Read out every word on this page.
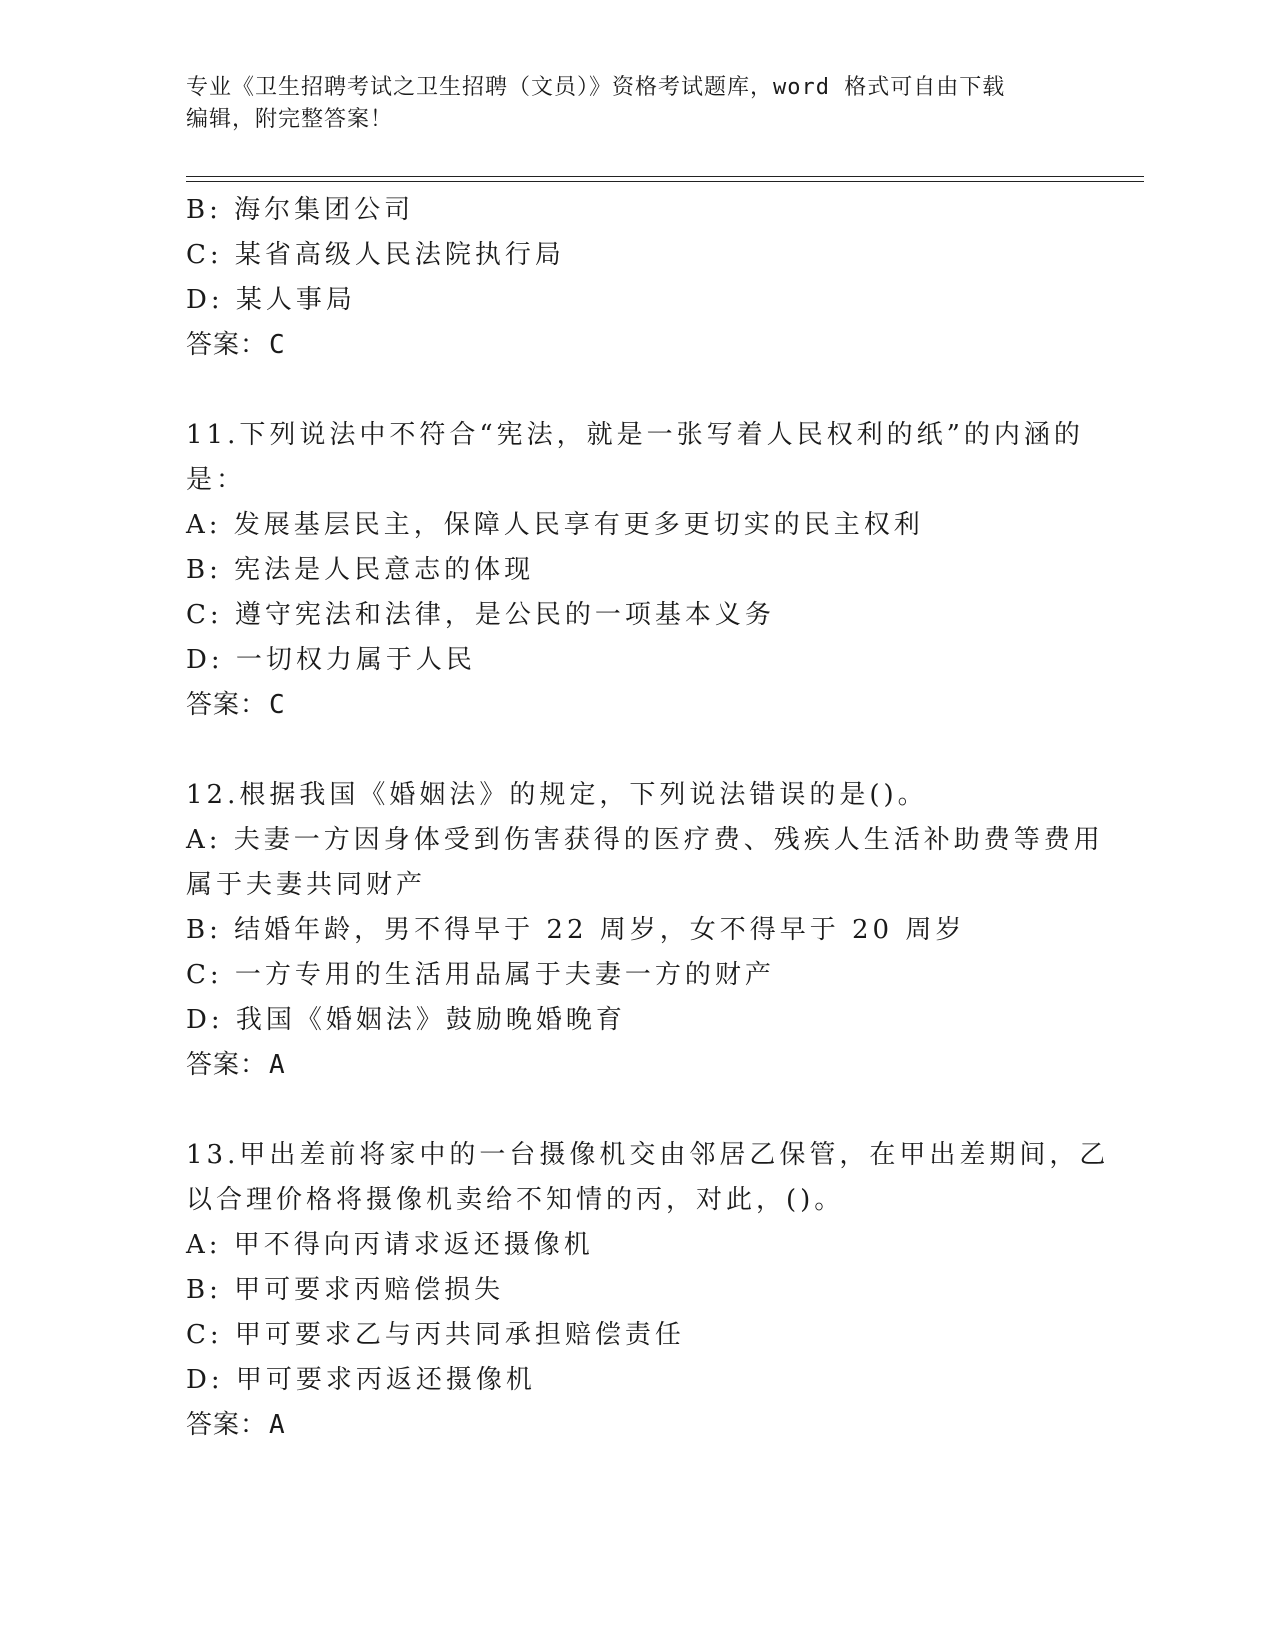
专业《卫生招聘考试之卫生招聘（文员）》资格考试题库，word 格式可自由下载
编辑，附完整答案！
B: 海尔集团公司
C: 某省高级人民法院执行局
D: 某人事局
答案：C
11.下列说法中不符合“宪法，就是一张写着人民权利的纸”的内涵的
是：
A: 发展基层民主，保障人民享有更多更切实的民主权利
B: 宪法是人民意志的体现
C: 遵守宪法和法律，是公民的一项基本义务
D: 一切权力属于人民
答案：C
12.根据我国《婚姻法》的规定，下列说法错误的是()。
A: 夫妻一方因身体受到伤害获得的医疗费、残疾人生活补助费等费用
属于夫妻共同财产
B: 结婚年龄，男不得早于 22 周岁，女不得早于 20 周岁
C: 一方专用的生活用品属于夫妻一方的财产
D: 我国《婚姻法》鼓励晚婚晚育
答案：A
13.甲出差前将家中的一台摄像机交由邻居乙保管，在甲出差期间，乙
以合理价格将摄像机卖给不知情的丙，对此，()。
A: 甲不得向丙请求返还摄像机
B: 甲可要求丙赔偿损失
C: 甲可要求乙与丙共同承担赔偿责任
D: 甲可要求丙返还摄像机
答案：A
